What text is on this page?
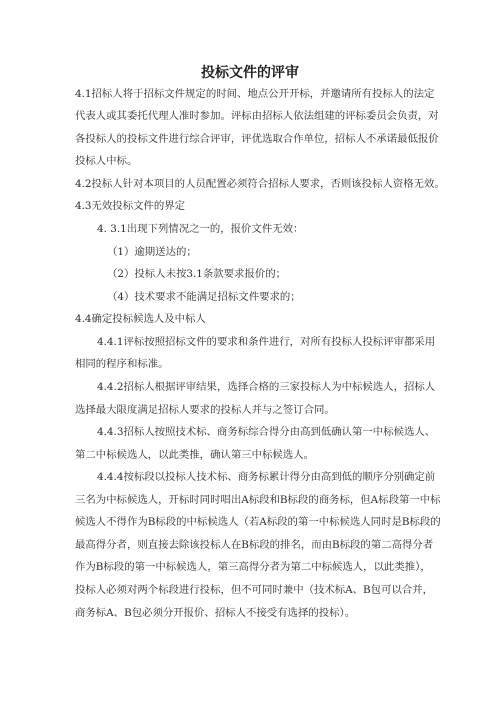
投标文件的评审
4.1招标人将于招标文件规定的时间、地点公开开标，并邀请所有投标人的法定
代表人或其委托代理人准时参加。评标由招标人依法组建的评标委员会负责，对
各投标人的投标文件进行综合评审，评优选取合作单位，招标人不承诺最低报价
投标人中标。
4.2投标人针对本项目的人员配置必须符合招标人要求，否则该投标人资格无效。
4.3无效投标文件的界定
4. 3.1出现下列情况之一的，报价文件无效：
（1）逾期送达的；
（2）投标人未按3.1条款要求报价的；
（4）技术要求不能满足招标文件要求的；
4.4确定投标候选人及中标人
4.4.1评标按照招标文件的要求和条件进行，对所有投标人投标评审都采用
相同的程序和标准。
4.4.2招标人根据评审结果，选择合格的三家投标人为中标候选人，招标人
选择最大限度满足招标人要求的投标人并与之签订合同。
4.4.3招标人按照技术标、商务标综合得分由高到低确认第一中标候选人、
第二中标候选人，以此类推，确认第三中标候选人。
4.4.4按标段以投标人技术标、商务标累计得分由高到低的顺序分别确定前
三名为中标候选人，开标时同时唱出A标段和B标段的商务标，但A标段第一中标
候选人不得作为B标段的中标候选人（若A标段的第一中标候选人同时是B标段的
最高得分者，则直接去除该投标人在B标段的排名，而由B标段的第二高得分者
作为B标段的第一中标候选人，第三高得分者为第二中标候选人，以此类推），
投标人必须对两个标段进行投标，但不可同时兼中（技术标A、B包可以合并，
商务标A、B包必须分开报价、招标人不接受有选择的投标）。
